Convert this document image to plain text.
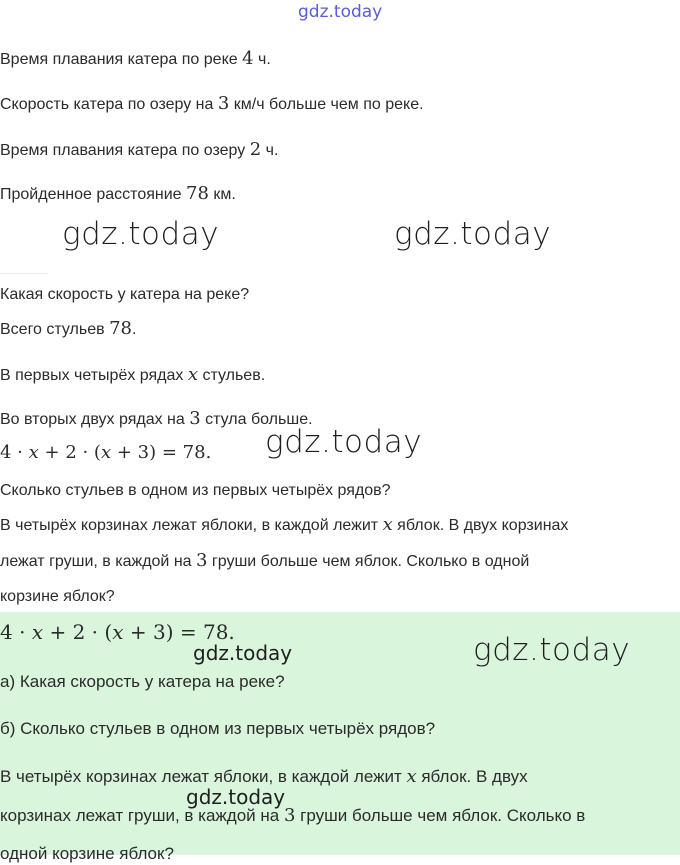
gdz.today
Время плавания катера по реке 4 ч.
Скорость катера по озеру на 3 км/ч больше чем по реке.
Время плавания катера по озеру 2 ч.
Пройденное расстояние 78 км.
gdz.today	gdz.today
Какая скорость у катера на реке?
Всего стульев 78.
В первых четырёх рядах x стульев.
Во вторых двух рядах на 3 стула больше.
4 · x + 2 · (x + 3) = 78. gdz.today
Сколько стульев в одном из первых четырёх рядов?
В четырёх корзинах лежат яблоки, в каждой лежит x яблок. В двух корзинах
лежат груши, в каждой на 3 груши больше чем яблок. Сколько в одной
корзине яблок?
4 · x + 2 · (x + 3) = 78.
gdz.today	gdz.today
а) Какая скорость у катера на реке?
б) Сколько стульев в одном из первых четырёх рядов?
В четырёх корзинах лежат яблоки, в каждой лежит x яблок. В двух
gdz.today
корзинах лежат груши, в каждой на 3 груши больше чем яблок. Сколько в
одной корзине яблок?
